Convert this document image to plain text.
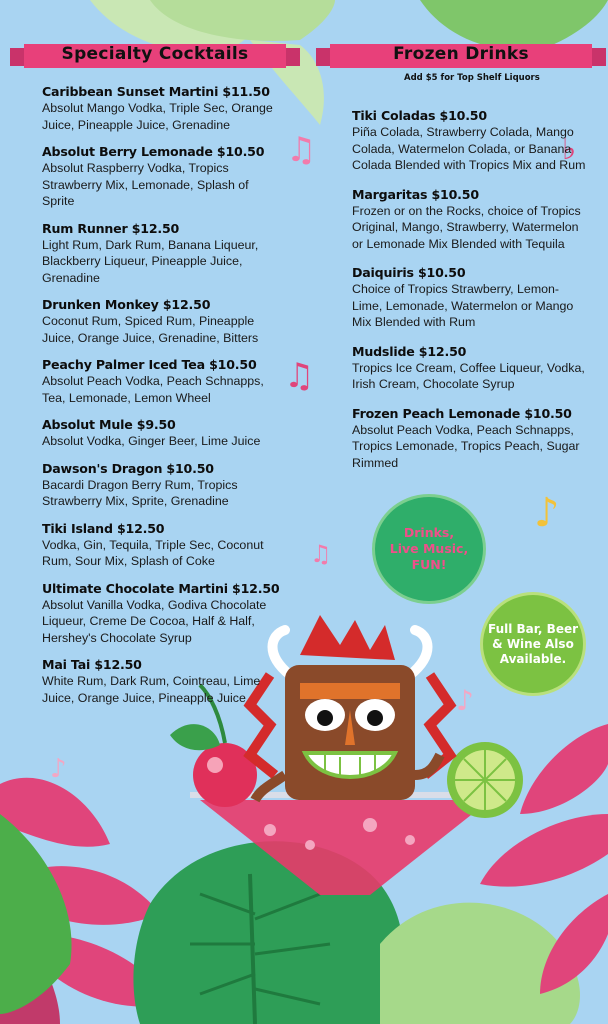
♫	♭
♫
♫
♪
♪
♪
Specialty Cocktails	Frozen Drinks
Add $5 for Top Shelf Liquors
Caribbean Sunset Martini $11.50
Absolut Mango Vodka, Triple Sec, Orange Juice, Pineapple Juice, Grenadine
Absolut Berry Lemonade $10.50
Absolut Raspberry Vodka, Tropics Strawberry Mix, Lemonade, Splash of Sprite
Rum Runner $12.50
Light Rum, Dark Rum, Banana Liqueur, Blackberry Liqueur, Pineapple Juice, Grenadine
Drunken Monkey $12.50
Coconut Rum, Spiced Rum, Pineapple Juice, Orange Juice, Grenadine, Bitters
Peachy Palmer Iced Tea $10.50
Absolut Peach Vodka, Peach Schnapps, Tea, Lemonade, Lemon Wheel
Absolut Mule $9.50
Absolut Vodka, Ginger Beer, Lime Juice
Dawson's Dragon $10.50
Bacardi Dragon Berry Rum, Tropics Strawberry Mix, Sprite, Grenadine
Tiki Island $12.50
Vodka, Gin, Tequila, Triple Sec, Coconut Rum, Sour Mix, Splash of Coke
Ultimate Chocolate Martini $12.50
Absolut Vanilla Vodka, Godiva Chocolate Liqueur, Creme De Cocoa, Half & Half, Hershey's Chocolate Syrup
Mai Tai $12.50
White Rum, Dark Rum, Cointreau, Lime Juice, Orange Juice, Pineapple Juice
Tiki Coladas $10.50
Piña Colada, Strawberry Colada, Mango Colada, Watermelon Colada, or Banana Colada Blended with Tropics Mix and Rum
Margaritas $10.50
Frozen or on the Rocks, choice of Tropics Original, Mango, Strawberry, Watermelon or Lemonade Mix Blended with Tequila
Daiquiris $10.50
Choice of Tropics Strawberry, Lemon-Lime, Lemonade, Watermelon or Mango Mix Blended with Rum
Mudslide $12.50
Tropics Ice Cream, Coffee Liqueur, Vodka, Irish Cream, Chocolate Syrup
Frozen Peach Lemonade $10.50
Absolut Peach Vodka, Peach Schnapps, Tropics Lemonade, Tropics Peach, Sugar Rimmed
Drinks,
Live Music,
FUN!
Full Bar, Beer
& Wine Also
Available.
